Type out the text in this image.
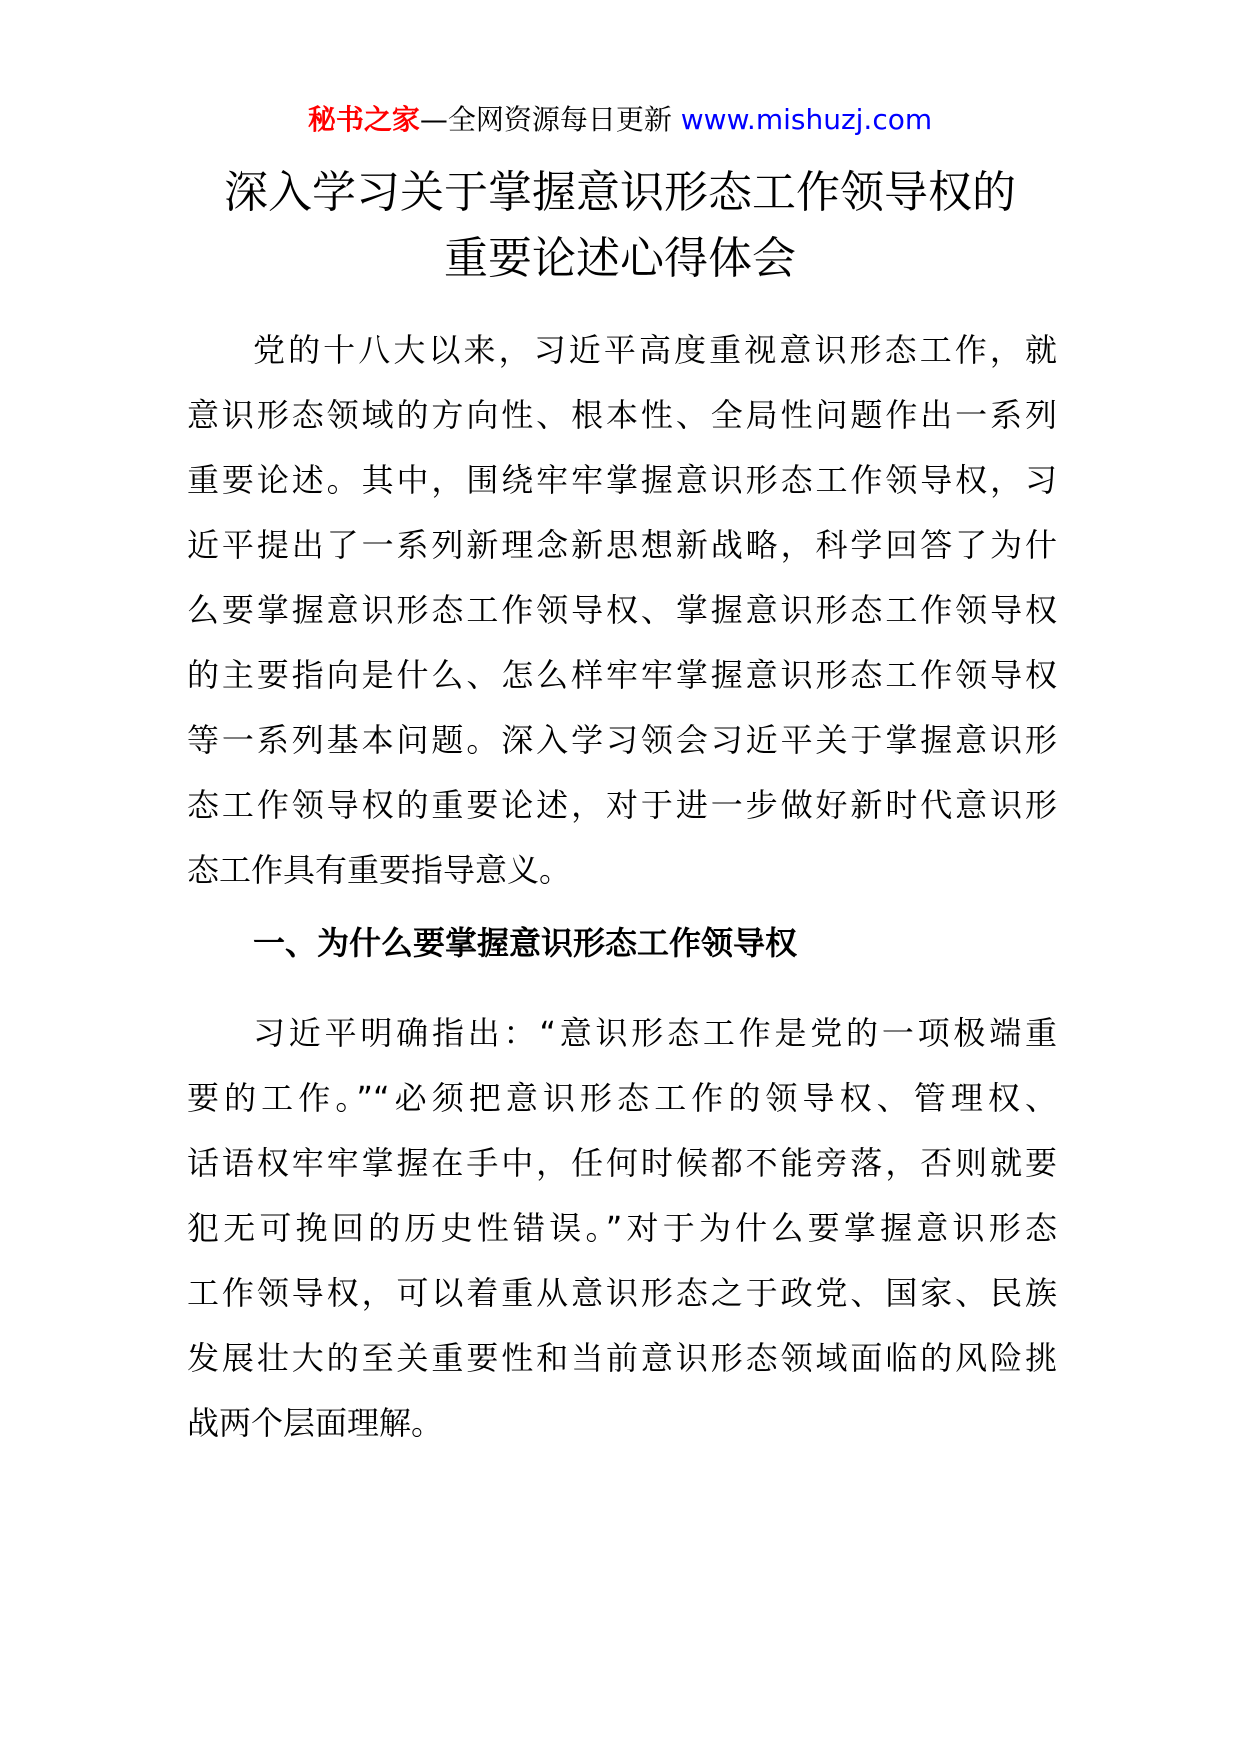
秘书之家—全网资源每日更新 www.mishuzj.com
深入学习关于掌握意识形态工作领导权的
重要论述心得体会
党的十八大以来，习近平高度重视意识形态工作，就
意识形态领域的方向性、根本性、全局性问题作出一系列
重要论述。其中，围绕牢牢掌握意识形态工作领导权，习
近平提出了一系列新理念新思想新战略，科学回答了为什
么要掌握意识形态工作领导权、掌握意识形态工作领导权
的主要指向是什么、怎么样牢牢掌握意识形态工作领导权
等一系列基本问题。深入学习领会习近平关于掌握意识形
态工作领导权的重要论述，对于进一步做好新时代意识形
态工作具有重要指导意义。
一、为什么要掌握意识形态工作领导权
习近平明确指出：“意识形态工作是党的一项极端重
要的工作。”“必须把意识形态工作的领导权、管理权、
话语权牢牢掌握在手中，任何时候都不能旁落，否则就要
犯无可挽回的历史性错误。”对于为什么要掌握意识形态
工作领导权，可以着重从意识形态之于政党、国家、民族
发展壮大的至关重要性和当前意识形态领域面临的风险挑
战两个层面理解。
